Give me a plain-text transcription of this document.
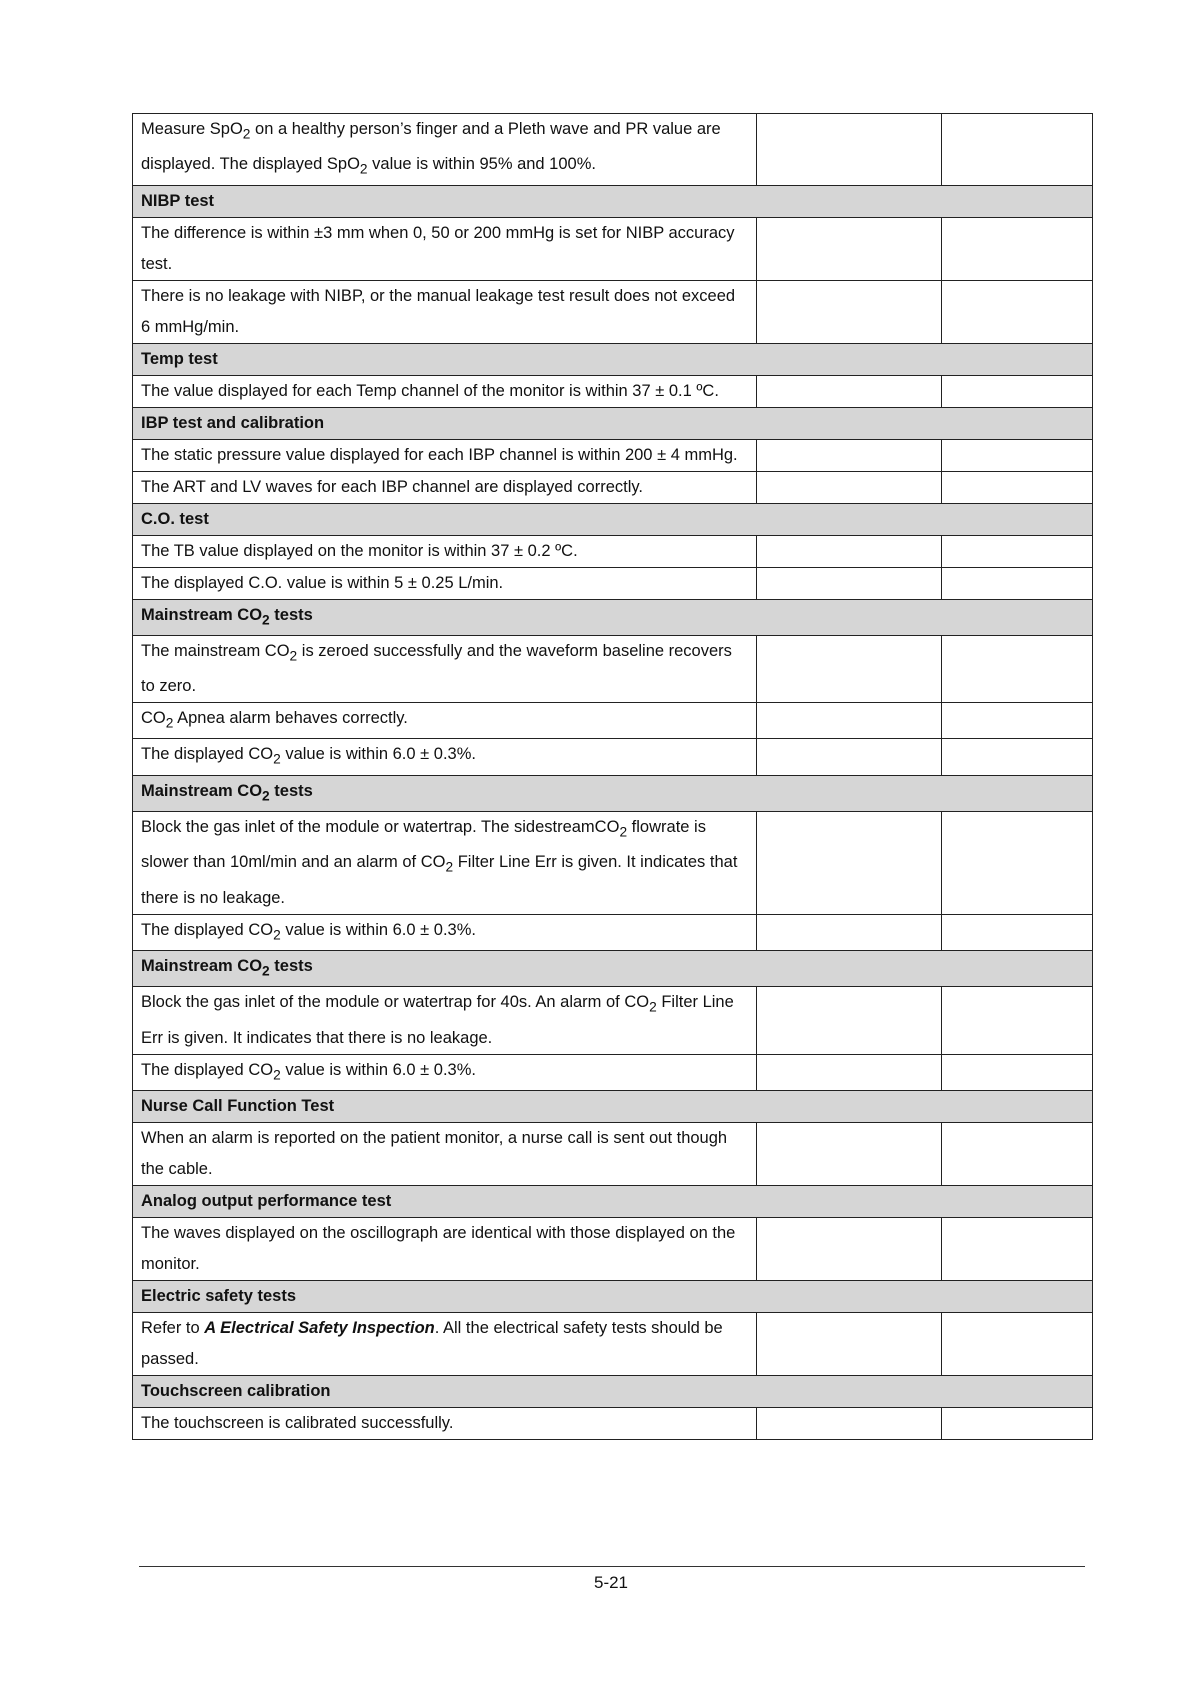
Measure SpO$_2$ on a healthy person’s finger and a Pleth wave and PR value are displayed. The displayed SpO$_2$ value is within 95% and 100%.		
NIBP test		
The difference is within ±3 mm when 0, 50 or 200 mmHg is set for NIBP accuracy test.		
There is no leakage with NIBP, or the manual leakage test result does not exceed 6 mmHg/min.		
Temp test		
The value displayed for each Temp channel of the monitor is within 37 ± 0.1 ºC.		
IBP test and calibration		
The static pressure value displayed for each IBP channel is within 200 ± 4 mmHg.		
The ART and LV waves for each IBP channel are displayed correctly.		
C.O. test		
The TB value displayed on the monitor is within 37 ± 0.2 ºC.		
The displayed C.O. value is within 5 ± 0.25 L/min.		
Mainstream $CO_2$ tests		
The mainstream $CO_2$ is zeroed successfully and the waveform baseline recovers to zero.		
$CO_2$ Apnea alarm behaves correctly.		
The displayed $CO_2$ value is within 6.0 ± 0.3%.		
Mainstream $CO_2$ tests		
Block the gas inlet of the module or watertrap. The sidestreamCO$_2$ flowrate is slower than 10ml/min and an alarm of $CO_2$ Filter Line Err is given. It indicates that there is no leakage.		
The displayed $CO_2$ value is within 6.0 ± 0.3%.		
Mainstream $CO_2$ tests		
Block the gas inlet of the module or watertrap for 40s. An alarm of $CO_2$ Filter Line Err is given. It indicates that there is no leakage.		
The displayed $CO_2$ value is within 6.0 ± 0.3%.		
Nurse Call Function Test		
When an alarm is reported on the patient monitor, a nurse call is sent out though the cable.		
Analog output performance test		
The waves displayed on the oscillograph are identical with those displayed on the monitor.		
Electric safety tests		
Refer to A Electrical Safety Inspection. All the electrical safety tests should be passed.		
Touchscreen calibration		
The touchscreen is calibrated successfully.		
5-21
